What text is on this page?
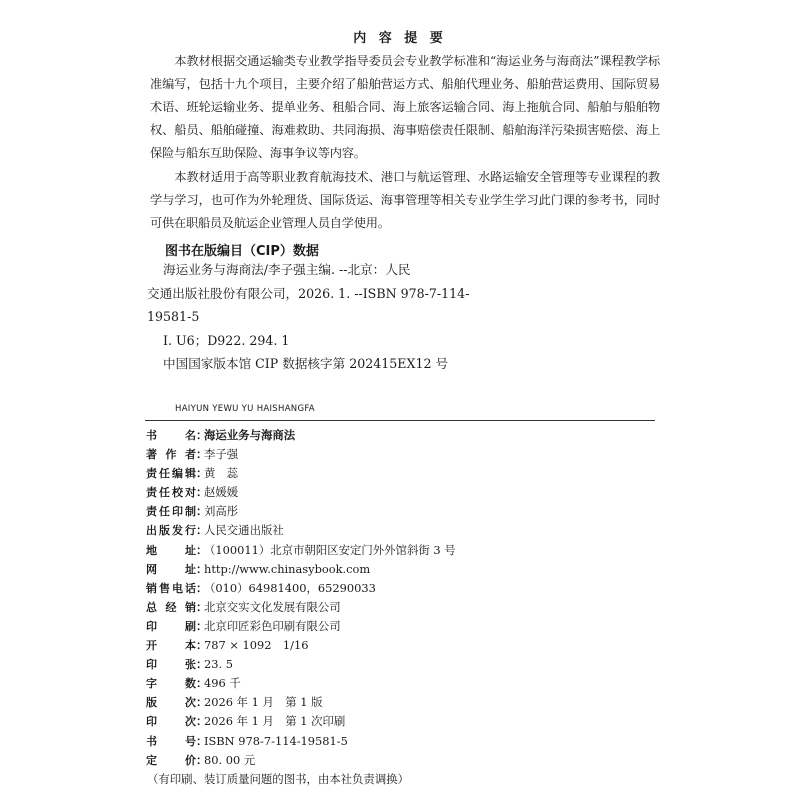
内 容 提 要

本教材根据交通运输类专业教学指导委员会专业教学标准和“海运业务与海商法”课程教学标准编写，包括十九个项目，主要介绍了船舶营运方式、船舶代理业务、船舶营运费用、国际贸易术语、班轮运输业务、提单业务、租船合同、海上旅客运输合同、海上拖航合同、船舶与船舶物权、船员、船舶碰撞、海难救助、共同海损、海事赔偿责任限制、船舶海洋污染损害赔偿、海上保险与船东互助保险、海事争议等内容。

本教材适用于高等职业教育航海技术、港口与航运管理、水路运输安全管理等专业课程的教学与学习，也可作为外轮理货、国际货运、海事管理等相关专业学生学习此门课的参考书，同时可供在职船员及航运企业管理人员自学使用。

图书在版编目（CIP）数据
海运业务与海商法/李子强主编. --北京：人民
交通出版社股份有限公司，2026. 1. --ISBN 978-7-114-
19581-5
Ⅰ. U6；D922. 294. 1
中国国家版本馆 CIP 数据核字第 202415EX12 号
HAIYUN YEWU YU HAISHANGFA
书名：海运业务与海商法
著作者：李子强
责任编辑：黄　蕊
责任校对：赵媛媛
责任印制：刘高彤
出版发行：人民交通出版社
地址：（100011）北京市朝阳区安定门外外馆斜街 3 号
网址：http://www.chinasybook.com
销售电话：（010）64981400，65290033
总经销：北京交实文化发展有限公司
印刷：北京印匠彩色印刷有限公司
开本：787 × 1092　1/16
印张：23. 5
字数：496 千
版次：2026 年 1 月　第 1 版
印次：2026 年 1 月　第 1 次印刷
书号：ISBN 978-7-114-19581-5
定价：80. 00 元
（有印刷、装订质量问题的图书，由本社负责调换）
